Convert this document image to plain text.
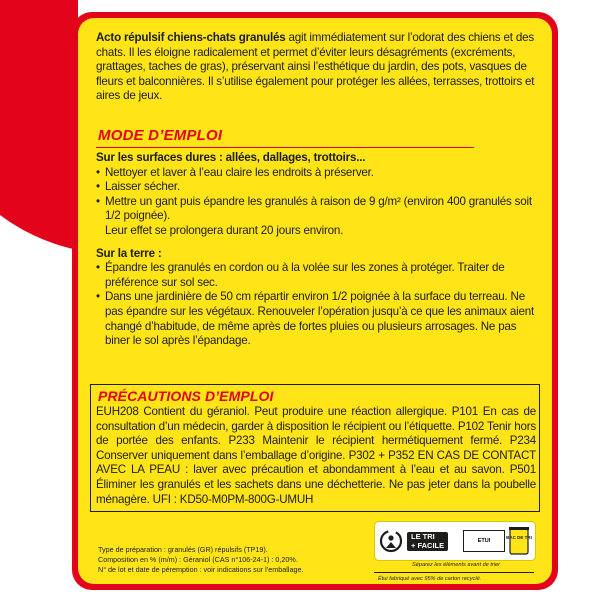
Acto répulsif chiens-chats granulés agit immédiatement sur l’odorat des chiens et des chats. Il les éloigne radicalement et permet d’éviter leurs désagréments (excréments, grattages, taches de gras), préservant ainsi l’esthétique du jardin, des pots, vasques de fleurs et balconnières. Il s’utilise également pour protéger les allées, terrasses, trottoirs et aires de jeux.
MODE D’EMPLOI
Sur les surfaces dures : allées, dallages, trottoirs...
• Nettoyer et laver à l’eau claire les endroits à préserver.
• Laisser sécher.
• Mettre un gant puis épandre les granulés à raison de 9 g/m² (environ 400 granulés soit 1/2 poignée).
Leur effet se prolongera durant 20 jours environ.
Sur la terre :
• Épandre les granulés en cordon ou à la volée sur les zones à protéger. Traiter de préférence sur sol sec.
• Dans une jardinière de 50 cm répartir environ 1/2 poignée à la surface du terreau. Ne pas épandre sur les végétaux. Renouveler l’opération jusqu’à ce que les animaux aient changé d’habitude, de même après de fortes pluies ou plusieurs arrosages. Ne pas biner le sol après l’épandage.
PRÉCAUTIONS D’EMPLOI
EUH208 Contient du géraniol. Peut produire une réaction allergique. P101 En cas de consultation d’un médecin, garder à disposition le récipient ou l’étiquette. P102 Tenir hors de portée des enfants. P233 Maintenir le récipient hermétiquement fermé. P234 Conserver uniquement dans l’emballage d’origine. P302 + P352 EN CAS DE CONTACT AVEC LA PEAU : laver avec précaution et abondamment à l’eau et au savon. P501 Éliminer les granulés et les sachets dans une déchetterie. Ne pas jeter dans la poubelle ménagère. UFI : KD50-M0PM-800G-UMUH
Type de préparation : granulés (GR) répulsifs (TP19).
Composition en % (m/m) : Géraniol (CAS n°106-24-1) : 0,20%.
N° de lot et date de péremption : voir indications sur l’emballage.
LE TRI
+ FACILE	ETUI
BAC DE TRI
Séparez les éléments avant de trier
Étui fabriqué avec 95% de carton recyclé.
